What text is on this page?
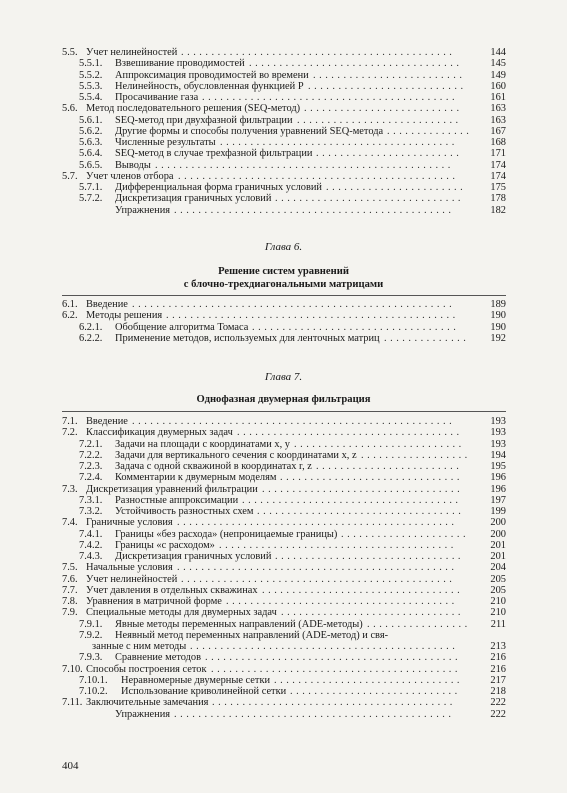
5.5. Учет нелинейностей .............................................	144
5.5.1. Взвешивание проводимостей ...................................	145
5.5.2. Аппроксимация проводимостей во времени .........................	149
5.5.3. Нелинейность, обусловленная функцией P ..........................	160
5.5.4. Просачивание газа ..........................................	161
5.6. Метод последовательного решения (SEQ-метод) ..........................	163
5.6.1. SEQ-метод при двухфазной фильтрации ...........................	163
5.6.2. Другие формы и способы получения уравнений SEQ-метода ..............	167
5.6.3. Численные результаты .......................................	168
5.6.4. SEQ-метод в случае трехфазной фильтрации ........................	171
5.6.5. Выводы .................................................	174
5.7. Учет членов отбора ..............................................	174
5.7.1. Дифференциальная форма граничных условий .......................	175
5.7.2. Дискретизация граничных условий ...............................	178
Упражнения ..............................................	182
Глава 6.
Решение систем уравнений
с блочно-трехдиагональными матрицами
6.1. Введение .....................................................	189
6.2. Методы решения ................................................	190
6.2.1. Обобщение алгоритма Томаса ..................................	190
6.2.2. Применение методов, используемых для ленточных матриц ..............	192
Глава 7.
Однофазная двумерная фильтрация
7.1. Введение .....................................................	193
7.2. Классификация двумерных задач .....................................	193
7.2.1. Задачи на площади с координатами x, y ............................	193
7.2.2. Задачи для вертикального сечения с координатами x, z ..................	194
7.2.3. Задача с одной скважиной в координатах r, z ........................	195
7.2.4. Комментарии к двумерным моделям ..............................	196
7.3. Дискретизация уравнений фильтрации .................................	196
7.3.1. Разностные аппроксимации ....................................	197
7.3.2. Устойчивость разностных схем ..................................	199
7.4. Граничные условия ..............................................	200
7.4.1. Границы «без расхода» (непроницаемые границы) .....................	200
7.4.2. Границы «с расходом» .......................................	201
7.4.3. Дискретизация граничных условий ...............................	201
7.5. Начальные условия ..............................................	204
7.6. Учет нелинейностей .............................................	205
7.7. Учет давления в отдельных скважинах .................................	205
7.8. Уравнения в матричной форме ......................................	210
7.9. Специальные методы для двумерных задач ..............................	210
7.9.1. Явные методы переменных направлений (ADE-методы) .................	211
7.9.2. Неявный метод переменных направлений (ADE-метод) и свя-
занные с ним методы ............................................	213
7.9.3. Сравнение методов ..........................................	216
7.10. Способы построения сеток .........................................	216
7.10.1. Неравномерные двумерные сетки ...............................	217
7.10.2. Использование криволинейной сетки ............................	218
7.11. Заключительные замечания ........................................	222
Упражнения ..............................................	222
404
